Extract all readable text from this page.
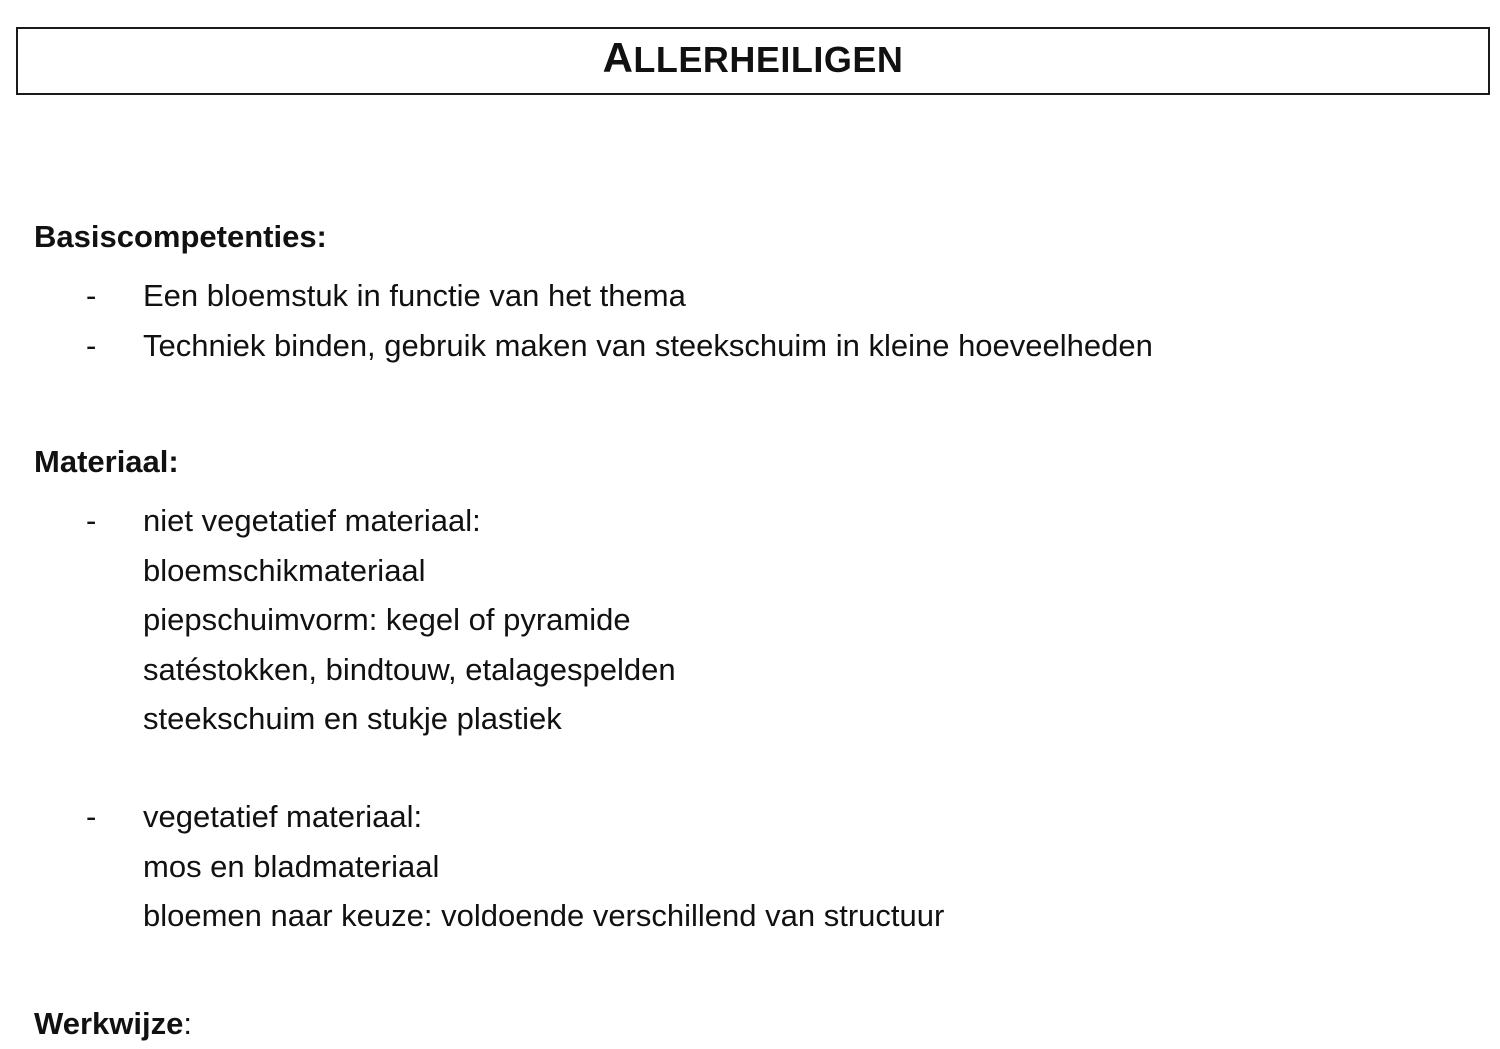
ALLERHEILIGEN
Basiscompetenties:
- Een bloemstuk in functie van het thema
- Techniek binden, gebruik maken van steekschuim in kleine hoeveelheden
Materiaal:
- niet vegetatief materiaal:
bloemschikmateriaal
piepschuimvorm: kegel of pyramide
satéstokken, bindtouw, etalagespelden
steekschuim en stukje plastiek
- vegetatief materiaal:
mos en bladmateriaal
bloemen naar keuze: voldoende verschillend van structuur
Werkwijze:
